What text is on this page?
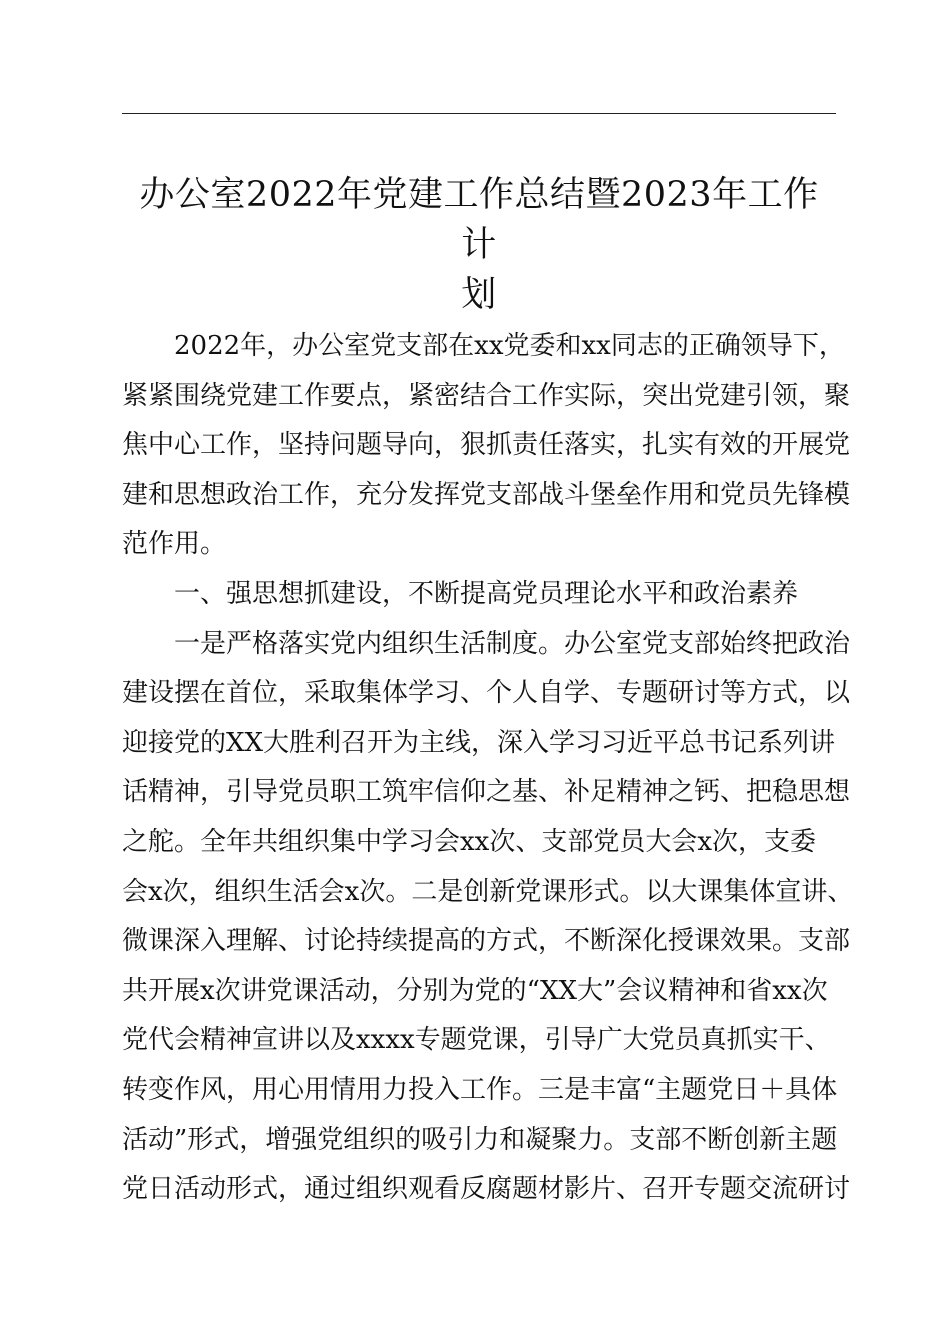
办公室2022年党建工作总结暨2023年工作计
划

2022年，办公室党支部在xx党委和xx同志的正确领导下，

紧紧围绕党建工作要点，紧密结合工作实际，突出党建引领，聚

焦中心工作，坚持问题导向，狠抓责任落实，扎实有效的开展党

建和思想政治工作，充分发挥党支部战斗堡垒作用和党员先锋模

范作用。

一、强思想抓建设，不断提高党员理论水平和政治素养

一是严格落实党内组织生活制度。办公室党支部始终把政治

建设摆在首位，采取集体学习、个人自学、专题研讨等方式，以

迎接党的XX大胜利召开为主线，深入学习习近平总书记系列讲

话精神，引导党员职工筑牢信仰之基、补足精神之钙、把稳思想

之舵。全年共组织集中学习会xx次、支部党员大会x次，支委

会x次，组织生活会x次。二是创新党课形式。以大课集体宣讲、

微课深入理解、讨论持续提高的方式，不断深化授课效果。支部

共开展x次讲党课活动，分别为党的“XX大”会议精神和省xx次

党代会精神宣讲以及xxxx专题党课，引导广大党员真抓实干、

转变作风，用心用情用力投入工作。三是丰富“主题党日＋具体

活动”形式，增强党组织的吸引力和凝聚力。支部不断创新主题

党日活动形式，通过组织观看反腐题材影片、召开专题交流研讨
